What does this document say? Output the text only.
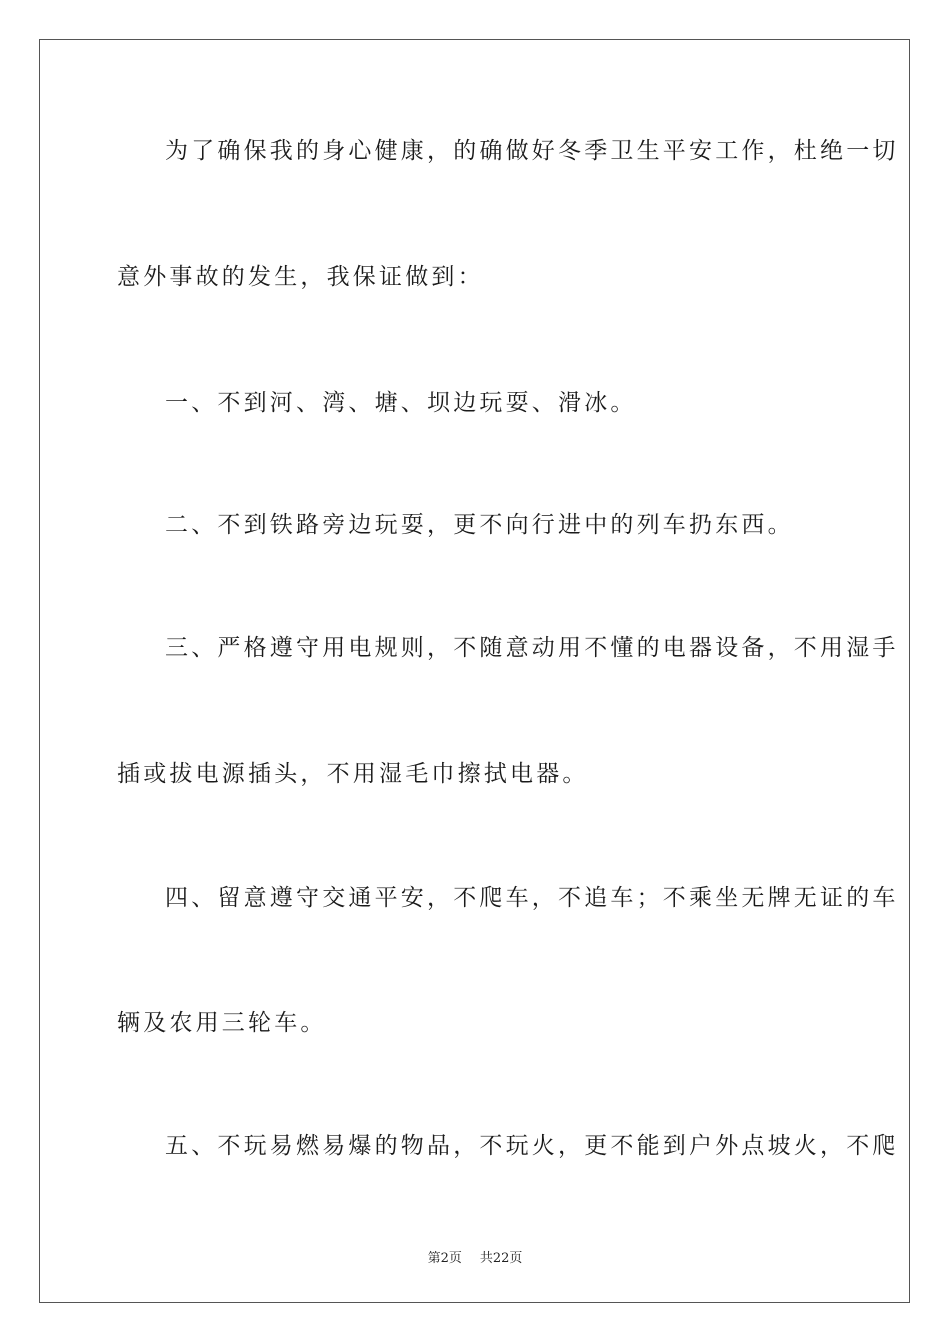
为了确保我的身心健康，的确做好冬季卫生平安工作，杜绝一切
意外事故的发生，我保证做到：
一、不到河、湾、塘、坝边玩耍、滑冰。
二、不到铁路旁边玩耍，更不向行进中的列车扔东西。
三、严格遵守用电规则，不随意动用不懂的电器设备，不用湿手
插或拔电源插头，不用湿毛巾擦拭电器。
四、留意遵守交通平安，不爬车，不追车；不乘坐无牌无证的车
辆及农用三轮车。
五、不玩易燃易爆的物品，不玩火，更不能到户外点坡火，不爬
第2页 共22页
